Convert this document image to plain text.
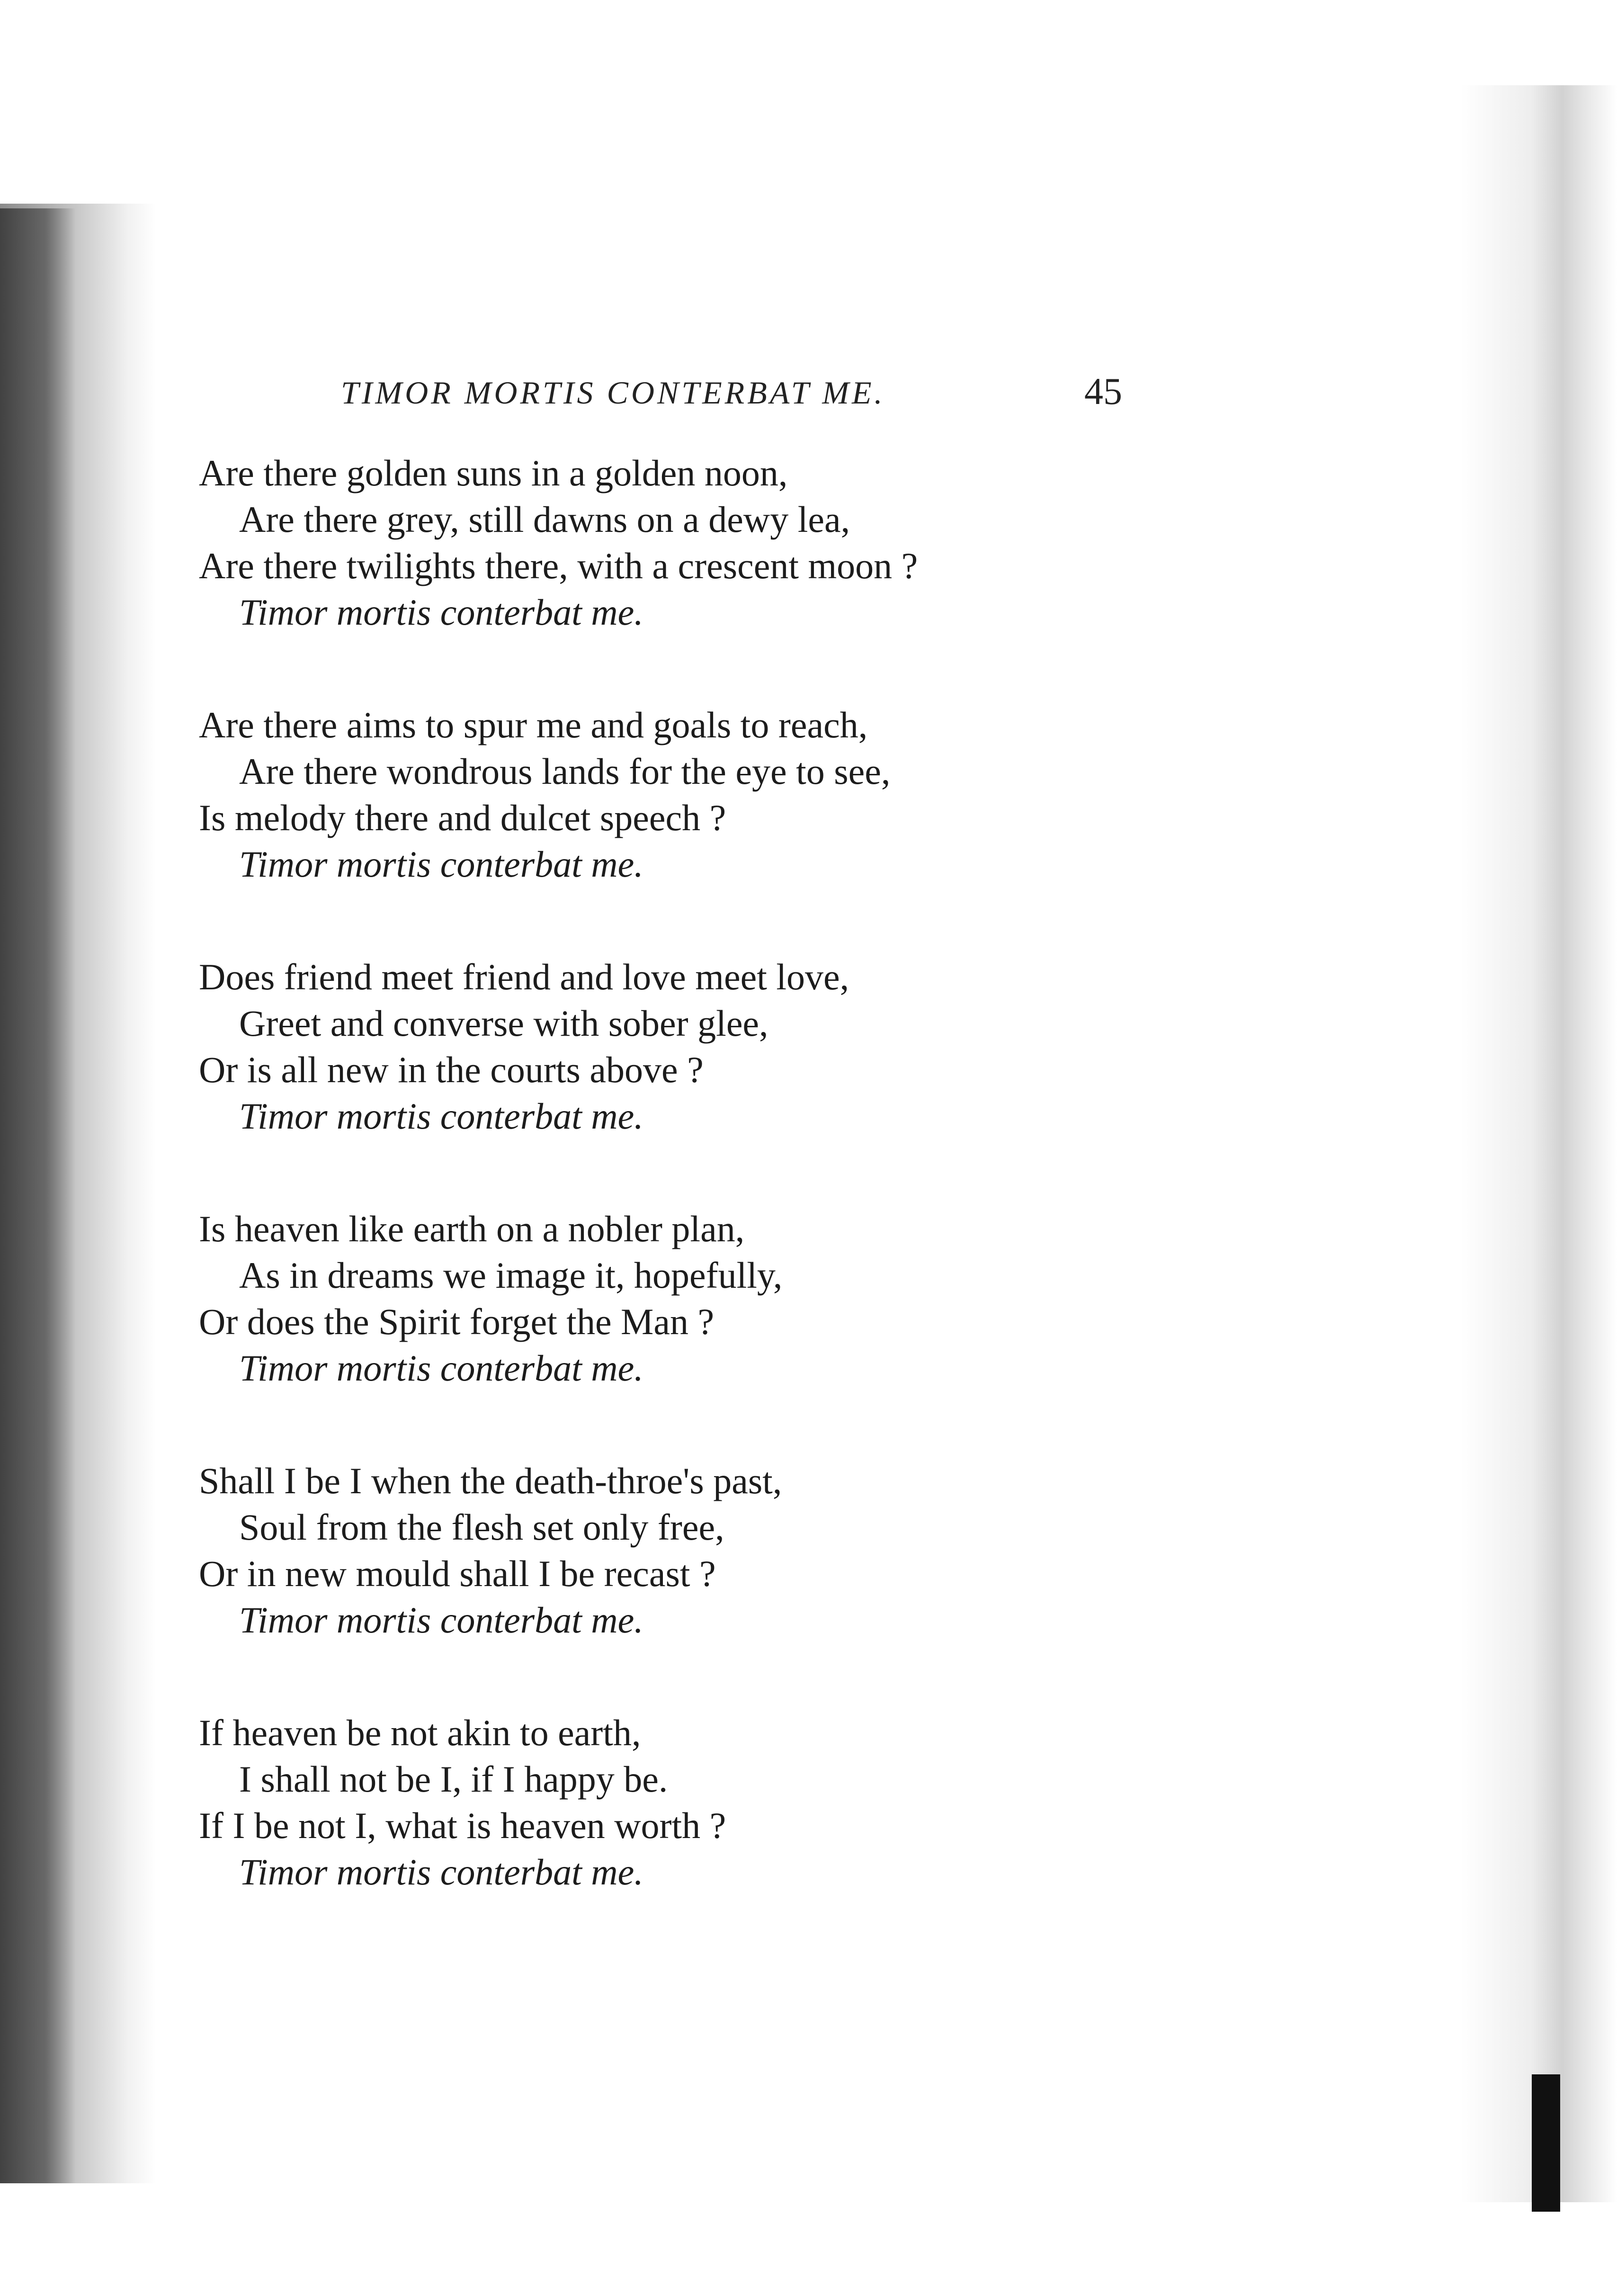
TIMOR MORTIS CONTERBAT ME.	45
Are there golden suns in a golden noon,
Are there grey, still dawns on a dewy lea,
Are there twilights there, with a crescent moon ?
Timor mortis conterbat me.
Are there aims to spur me and goals to reach,
Are there wondrous lands for the eye to see,
Is melody there and dulcet speech ?
Timor mortis conterbat me.
Does friend meet friend and love meet love,
Greet and converse with sober glee,
Or is all new in the courts above ?
Timor mortis conterbat me.
Is heaven like earth on a nobler plan,
As in dreams we image it, hopefully,
Or does the Spirit forget the Man ?
Timor mortis conterbat me.
Shall I be I when the death-throe's past,
Soul from the flesh set only free,
Or in new mould shall I be recast ?
Timor mortis conterbat me.
If heaven be not akin to earth,
I shall not be I, if I happy be.
If I be not I, what is heaven worth ?
Timor mortis conterbat me.
